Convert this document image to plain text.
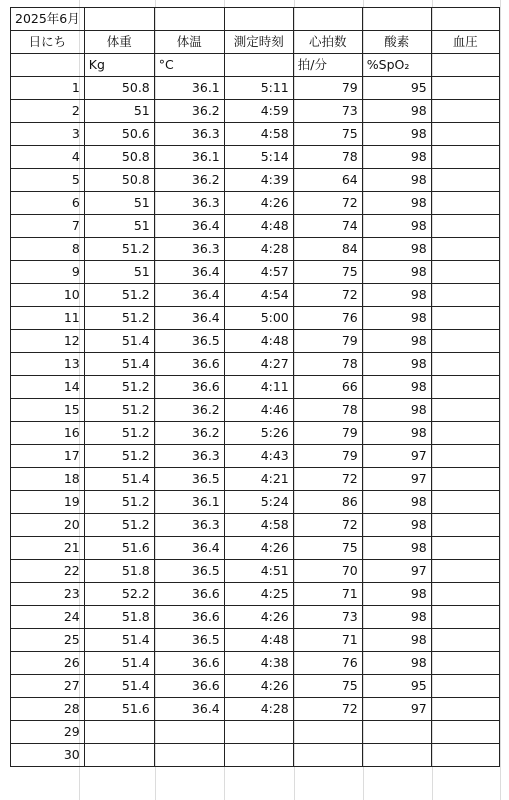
2025年6月						
日にち	体重	体温	測定時刻	心拍数	酸素	血圧
	Kg	°C		拍/分	%SpO₂	
1	50.8	36.1	5:11	79	95	
2	51	36.2	4:59	73	98	
3	50.6	36.3	4:58	75	98	
4	50.8	36.1	5:14	78	98	
5	50.8	36.2	4:39	64	98	
6	51	36.3	4:26	72	98	
7	51	36.4	4:48	74	98	
8	51.2	36.3	4:28	84	98	
9	51	36.4	4:57	75	98	
10	51.2	36.4	4:54	72	98	
11	51.2	36.4	5:00	76	98	
12	51.4	36.5	4:48	79	98	
13	51.4	36.6	4:27	78	98	
14	51.2	36.6	4:11	66	98	
15	51.2	36.2	4:46	78	98	
16	51.2	36.2	5:26	79	98	
17	51.2	36.3	4:43	79	97	
18	51.4	36.5	4:21	72	97	
19	51.2	36.1	5:24	86	98	
20	51.2	36.3	4:58	72	98	
21	51.6	36.4	4:26	75	98	
22	51.8	36.5	4:51	70	97	
23	52.2	36.6	4:25	71	98	
24	51.8	36.6	4:26	73	98	
25	51.4	36.5	4:48	71	98	
26	51.4	36.6	4:38	76	98	
27	51.4	36.6	4:26	75	95	
28	51.6	36.4	4:28	72	97	
29						
30						
